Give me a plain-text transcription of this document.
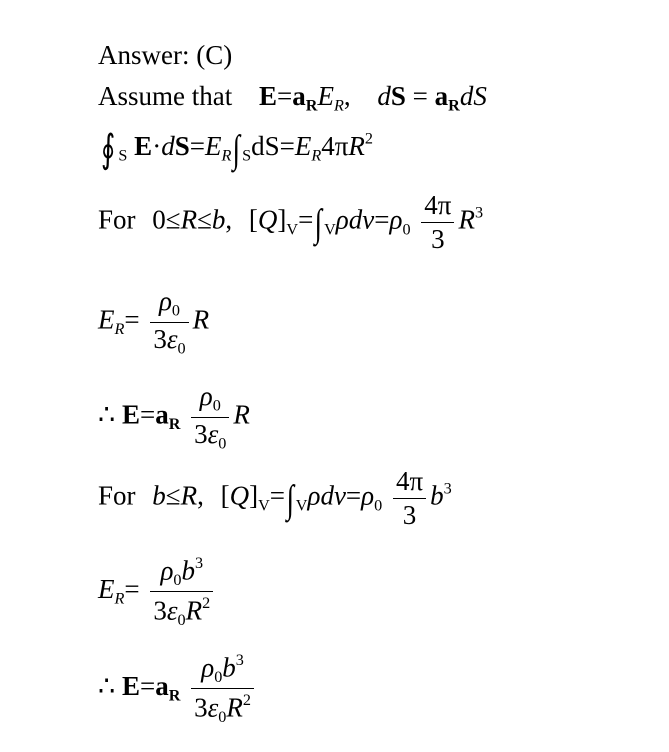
Answer: (C)
Assume that $E=a_RE_R$, dS = $a_RdS$
∮ $_S$ $E\cdot dS=E_R\int_SdS=E_R4\pi R^2$
For 0≤R≤b, $[Q]_V=\int_V\rho dv=\rho_0 \frac{4\pi}{3} R^3$
$E_R= \frac{\rho_0}{3\varepsilon_0}$ R
∴ $E=a_R \frac{\rho_0}{3\varepsilon_0}$ R
For b≤R, $[Q]_V=\int_V\rho dv=\rho_0 \frac{4\pi}{3} b^3$
$E_R= \frac{\rho_0b^3}{3\varepsilon_0R^2}$
∴ $E=a_R \frac{\rho_0b^3}{3\varepsilon_0R^2}$
